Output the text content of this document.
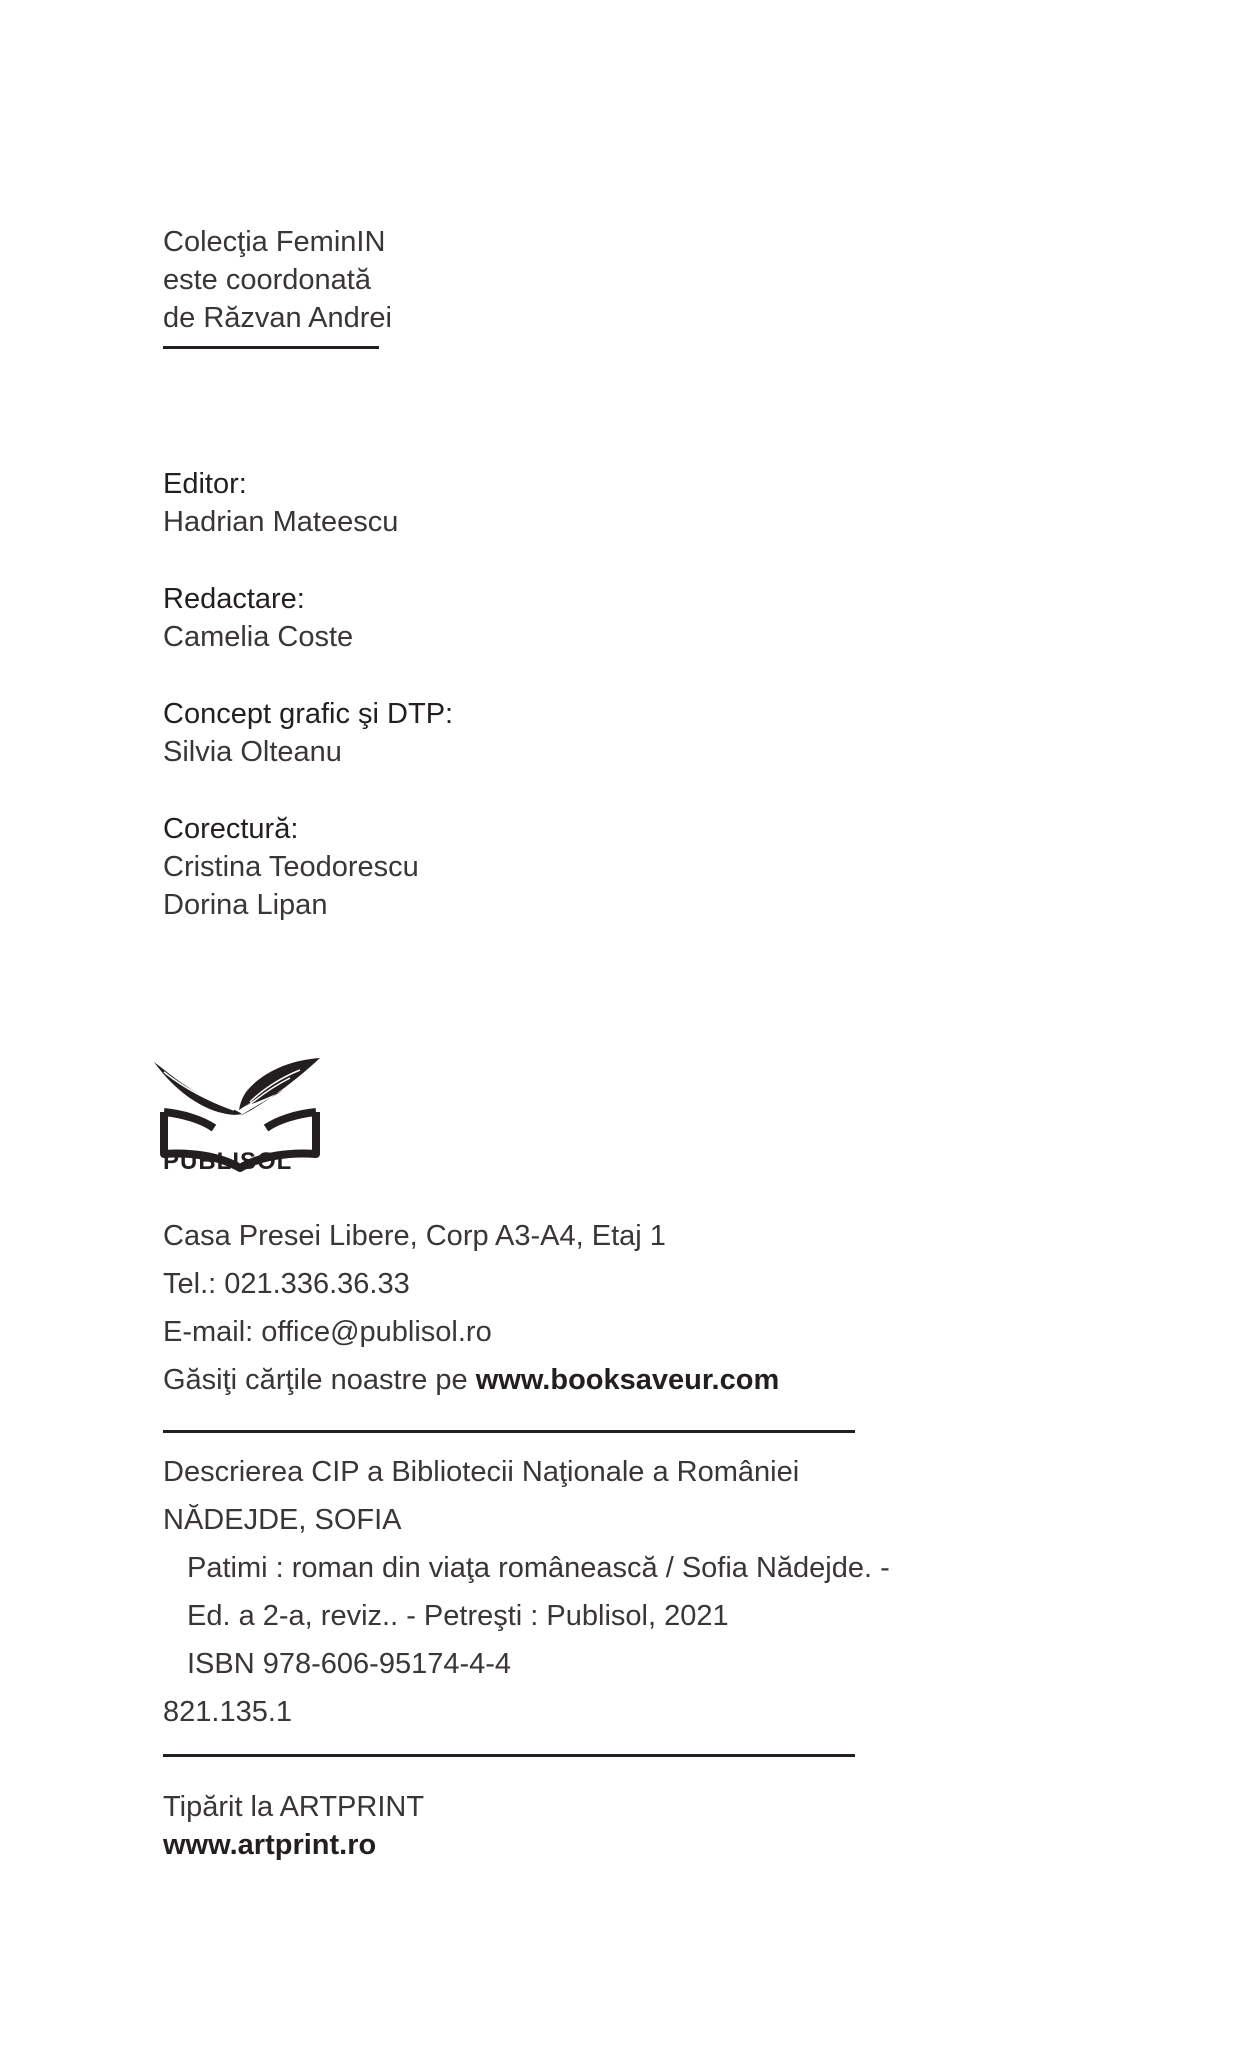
Colecţia FeminIN
este coordonată
de Răzvan Andrei
Editor:
Hadrian Mateescu
Redactare:
Camelia Coste
Concept grafic şi DTP:
Silvia Olteanu
Corectură:
Cristina Teodorescu
Dorina Lipan
PUBLISOL
Casa Presei Libere, Corp A3-A4, Etaj 1
Tel.: 021.336.36.33
E-mail: office@publisol.ro
Găsiţi cărţile noastre pe www.booksaveur.com
Descrierea CIP a Bibliotecii Naţionale a României
NĂDEJDE, SOFIA
Patimi : roman din viaţa românească / Sofia Nădejde. -
Ed. a 2-a, reviz.. - Petreşti : Publisol, 2021
ISBN 978-606-95174-4-4
821.135.1
Tipărit la ARTPRINT
www.artprint.ro
